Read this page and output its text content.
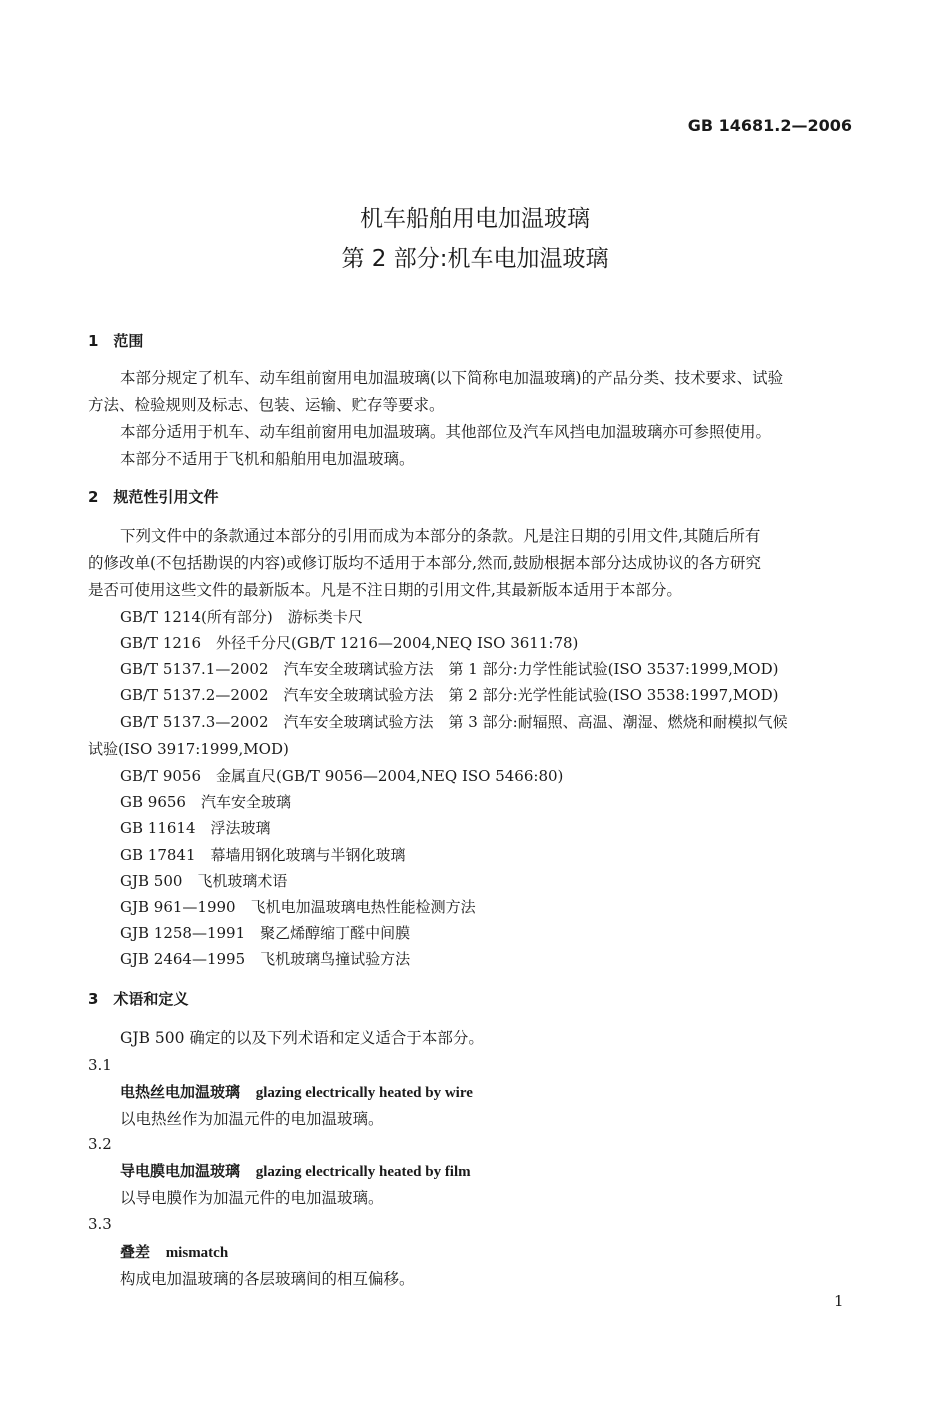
GB 14681.2—2006
机车船舶用电加温玻璃
第 2 部分:机车电加温玻璃
1　范围
本部分规定了机车、动车组前窗用电加温玻璃(以下简称电加温玻璃)的产品分类、技术要求、试验
方法、检验规则及标志、包装、运输、贮存等要求。
本部分适用于机车、动车组前窗用电加温玻璃。其他部位及汽车风挡电加温玻璃亦可参照使用。
本部分不适用于飞机和船舶用电加温玻璃。
2　规范性引用文件
下列文件中的条款通过本部分的引用而成为本部分的条款。凡是注日期的引用文件,其随后所有
的修改单(不包括勘误的内容)或修订版均不适用于本部分,然而,鼓励根据本部分达成协议的各方研究
是否可使用这些文件的最新版本。凡是不注日期的引用文件,其最新版本适用于本部分。
GB/T 1214(所有部分)　游标类卡尺
GB/T 1216　外径千分尺(GB/T 1216—2004,NEQ ISO 3611:78)
GB/T 5137.1—2002　汽车安全玻璃试验方法　第 1 部分:力学性能试验(ISO 3537:1999,MOD)
GB/T 5137.2—2002　汽车安全玻璃试验方法　第 2 部分:光学性能试验(ISO 3538:1997,MOD)
GB/T 5137.3—2002　汽车安全玻璃试验方法　第 3 部分:耐辐照、高温、潮湿、燃烧和耐模拟气候
试验(ISO 3917:1999,MOD)
GB/T 9056　金属直尺(GB/T 9056—2004,NEQ ISO 5466:80)
GB 9656　汽车安全玻璃
GB 11614　浮法玻璃
GB 17841　幕墙用钢化玻璃与半钢化玻璃
GJB 500　飞机玻璃术语
GJB 961—1990　飞机电加温玻璃电热性能检测方法
GJB 1258—1991　聚乙烯醇缩丁醛中间膜
GJB 2464—1995　飞机玻璃鸟撞试验方法
3　术语和定义
GJB 500 确定的以及下列术语和定义适合于本部分。
3.1
电热丝电加温玻璃 glazing electrically heated by wire
以电热丝作为加温元件的电加温玻璃。
3.2
导电膜电加温玻璃 glazing electrically heated by film
以导电膜作为加温元件的电加温玻璃。
3.3
叠差 mismatch
构成电加温玻璃的各层玻璃间的相互偏移。
1
